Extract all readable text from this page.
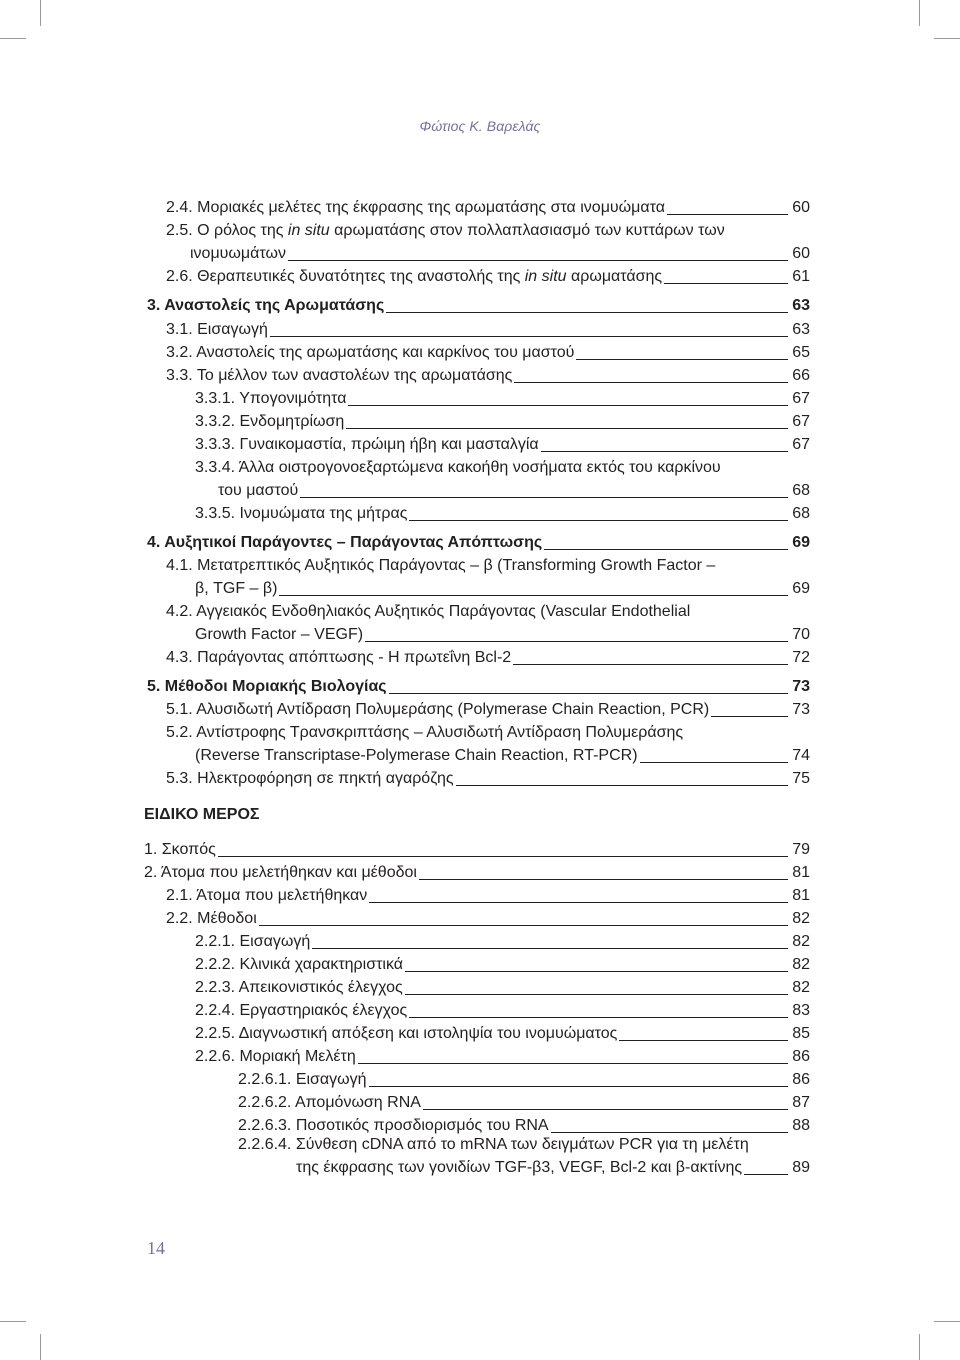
Φώτιος Κ. Βαρελάς
2.4. Μοριακές μελέτες της έκφρασης της αρωματάσης στα ινομυώματα	60
2.5. Ο ρόλος της in situ αρωματάσης στον πολλαπλασιασμό των κυττάρων των
ινομυωμάτων	60
2.6. Θεραπευτικές δυνατότητες της αναστολής της in situ αρωματάσης	61
3. Αναστολείς της Αρωματάσης	63
3.1. Εισαγωγή	63
3.2. Αναστολείς της αρωματάσης και καρκίνος του μαστού	65
3.3. Το μέλλον των αναστολέων της αρωματάσης	66
3.3.1. Υπογονιμότητα	67
3.3.2. Ενδομητρίωση	67
3.3.3. Γυναικομαστία, πρώιμη ήβη και μασταλγία	67
3.3.4. Άλλα οιστρογονοεξαρτώμενα κακοήθη νοσήματα εκτός του καρκίνου
του μαστού	68
3.3.5. Ινομυώματα της μήτρας	68
4. Αυξητικοί Παράγοντες – Παράγοντας Απόπτωσης	69
4.1. Μετατρεπτικός Αυξητικός Παράγοντας – β (Transforming Growth Factor –
β, TGF – β)	69
4.2. Αγγειακός Ενδοθηλιακός Αυξητικός Παράγοντας (Vascular Endothelial
Growth Factor – VEGF)	70
4.3. Παράγοντας απόπτωσης - Η πρωτεΐνη Bcl-2	72
5. Μέθοδοι Μοριακής Βιολογίας	73
5.1. Αλυσιδωτή Αντίδραση Πολυμεράσης (Polymerase Chain Reaction, PCR)	73
5.2. Αντίστροφης Τρανσκριπτάσης – Αλυσιδωτή Αντίδραση Πολυμεράσης
(Reverse Transcriptase-Polymerase Chain Reaction, RT-PCR)	74
5.3. Ηλεκτροφόρηση σε πηκτή αγαρόζης	75
1. Σκοπός	79
2. Άτομα που μελετήθηκαν και μέθοδοι	81
2.1. Άτομα που μελετήθηκαν	81
2.2. Μέθοδοι	82
2.2.1. Εισαγωγή	82
2.2.2. Κλινικά χαρακτηριστικά	82
2.2.3. Απεικονιστικός έλεγχος	82
2.2.4. Εργαστηριακός έλεγχος	83
2.2.5. Διαγνωστική απόξεση και ιστοληψία του ινομυώματος	85
2.2.6. Μοριακή Μελέτη	86
2.2.6.1. Εισαγωγή	86
2.2.6.2. Απομόνωση RNA	87
2.2.6.3. Ποσοτικός προσδιορισμός του RNA	88
2.2.6.4. Σύνθεση cDNA από το mRNA των δειγμάτων PCR για τη μελέτη
της έκφρασης των γονιδίων TGF-β3, VEGF, Bcl-2 και β-ακτίνης	89
ΕΙΔΙΚΟ ΜΕΡΟΣ
14
